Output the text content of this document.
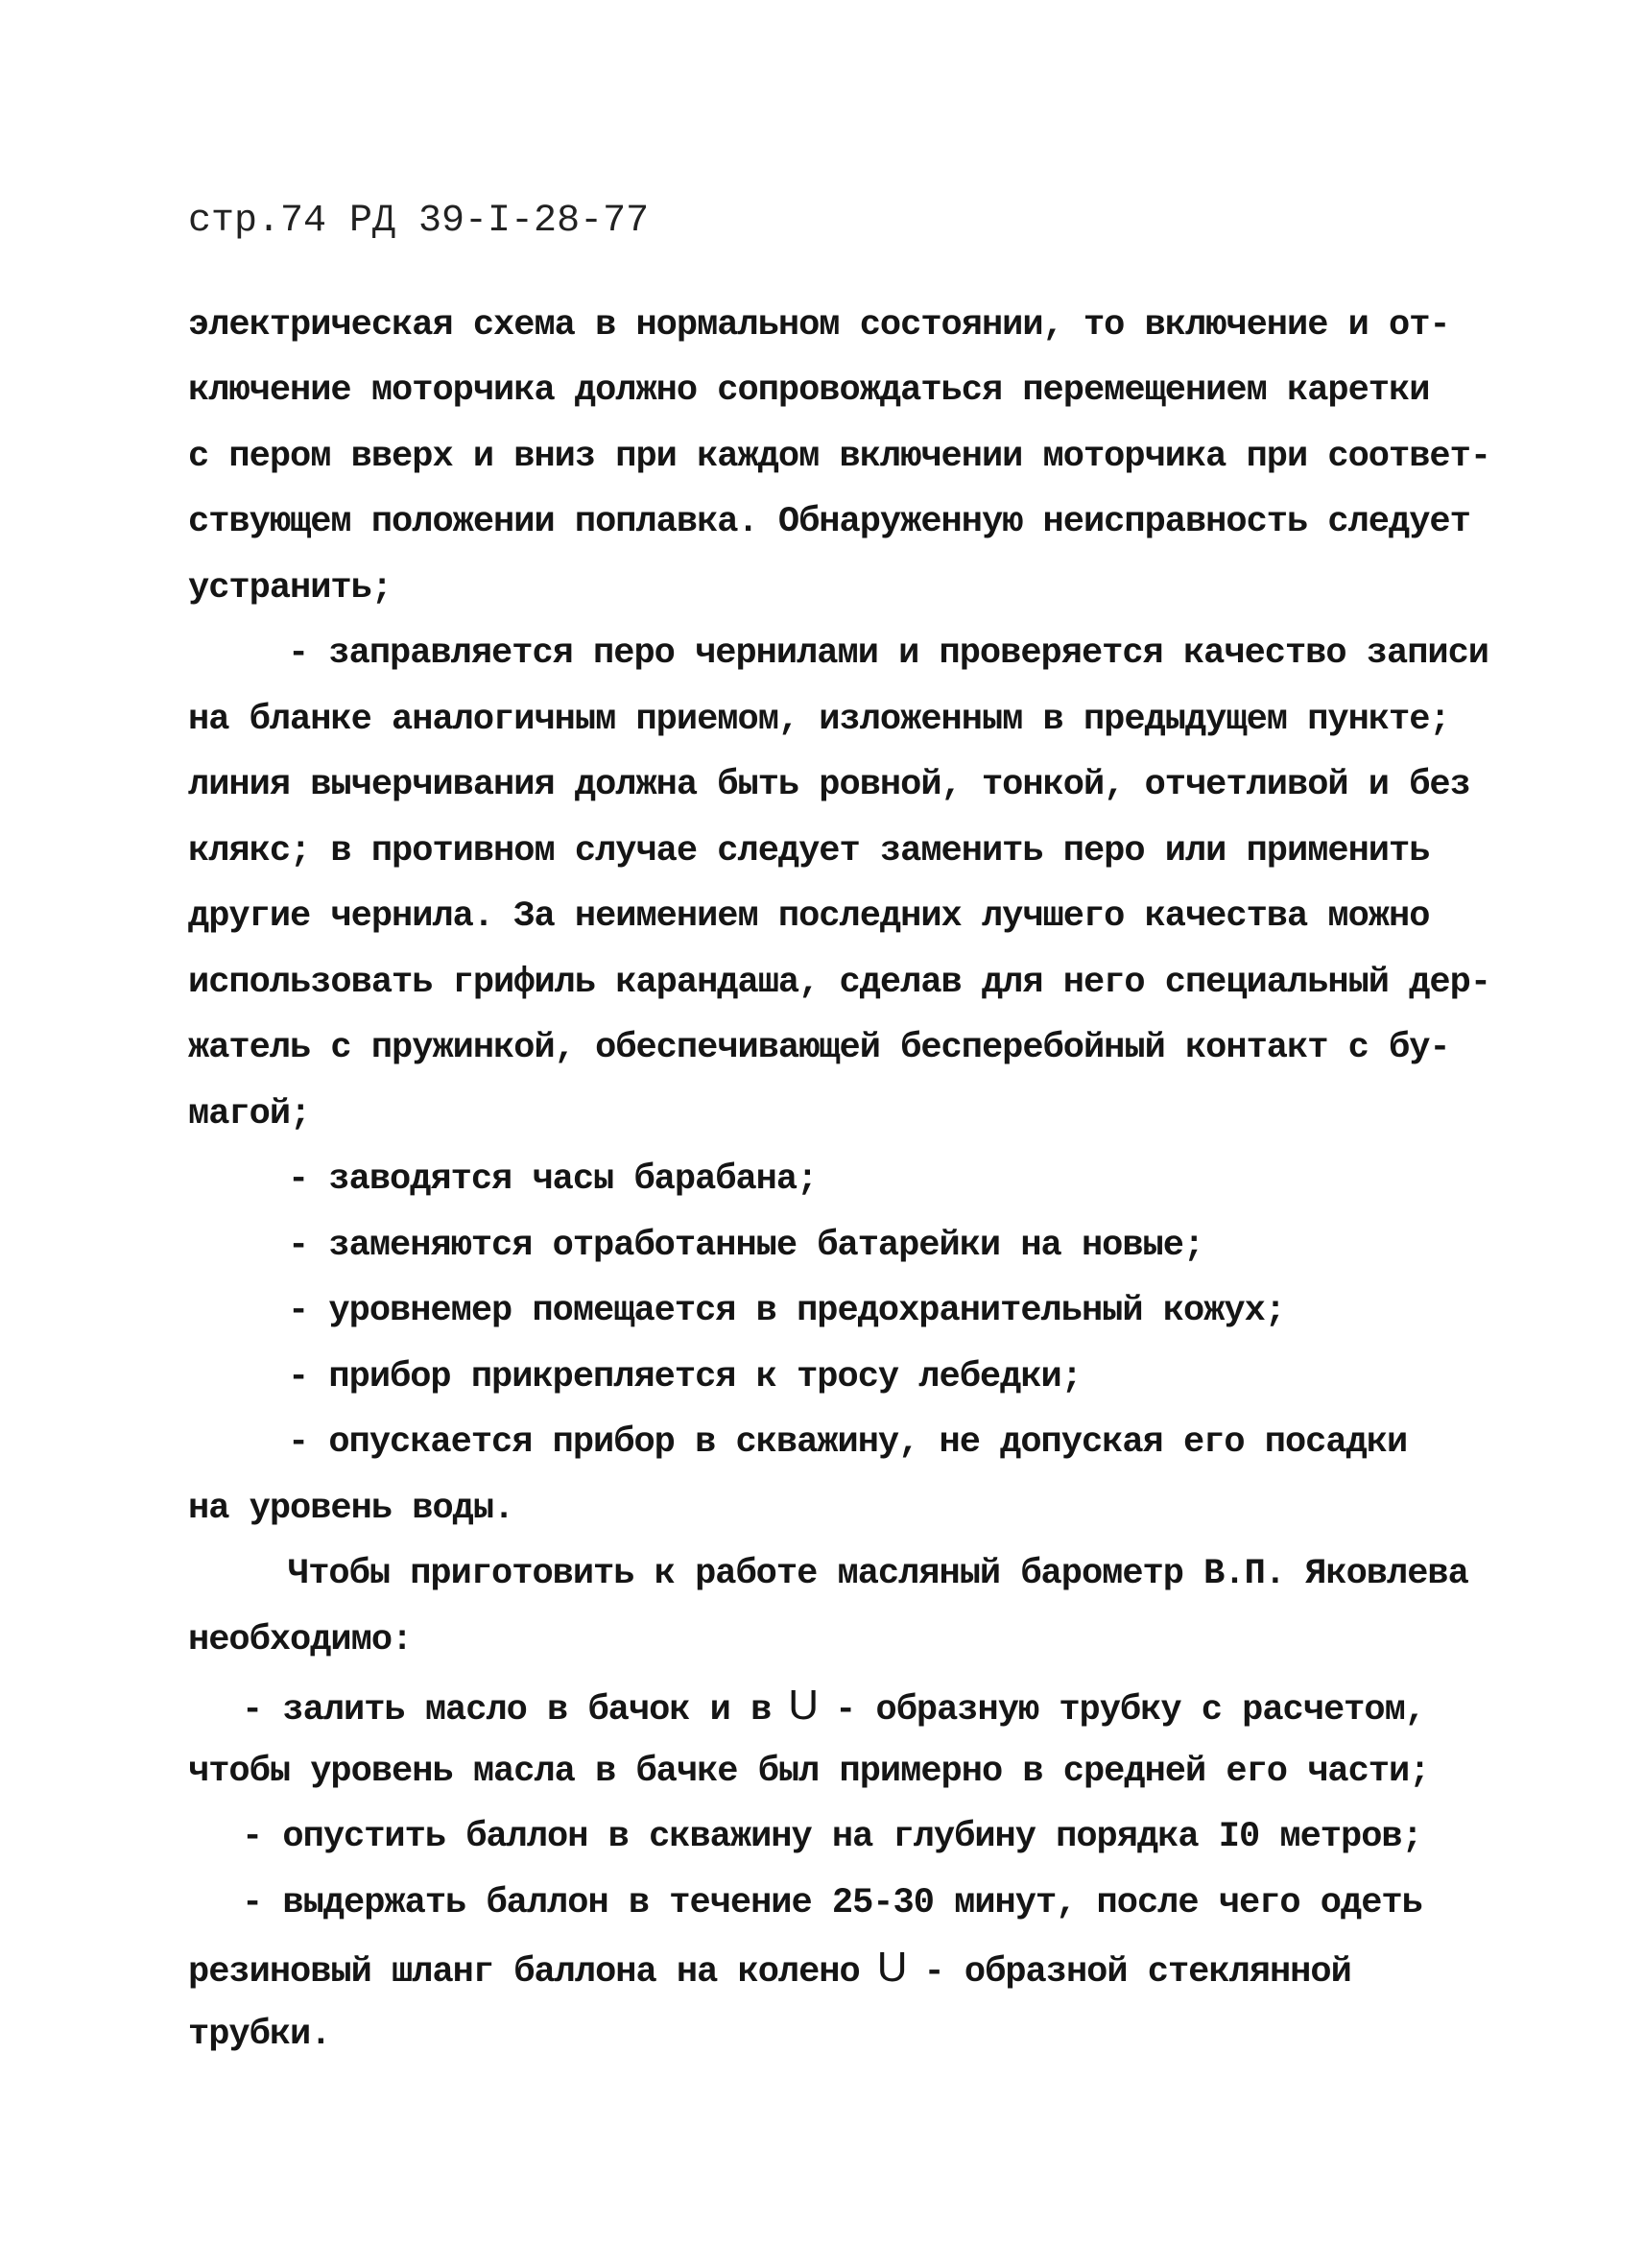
стр.74 РД 39-I-28-77
электрическая схема в нормальном состоянии, то включение и от-
ключение моторчика должно сопровождаться перемещением каретки
с пером вверх и вниз при каждом включении моторчика при соответ-
ствующем положении поплавка. Обнаруженную неисправность следует
устранить;
- заправляется перо чернилами и проверяется качество записи
на бланке аналогичным приемом, изложенным в предыдущем пункте;
линия вычерчивания должна быть ровной, тонкой, отчетливой и без
клякс; в противном случае следует заменить перо или применить
другие чернила. За неимением последних лучшего качества можно
использовать грифиль карандаша, сделав для него специальный дер-
жатель с пружинкой, обеспечивающей бесперебойный контакт с бу-
магой;
- заводятся часы барабана;
- заменяются отработанные батарейки на новые;
- уровнемер помещается в предохранительный кожух;
- прибор прикрепляется к тросу лебедки;
- опускается прибор в скважину, не допуская его посадки
на уровень воды.
Чтобы приготовить к работе масляный барометр В.П. Яковлева
необходимо:
- залить масло в бачок и в U - образную трубку с расчетом,
чтобы уровень масла в бачке был примерно в средней его части;
- опустить баллон в скважину на глубину порядка I0 метров;
- выдержать баллон в течение 25-30 минут, после чего одеть
резиновый шланг баллона на колено U - образной стеклянной
трубки.
